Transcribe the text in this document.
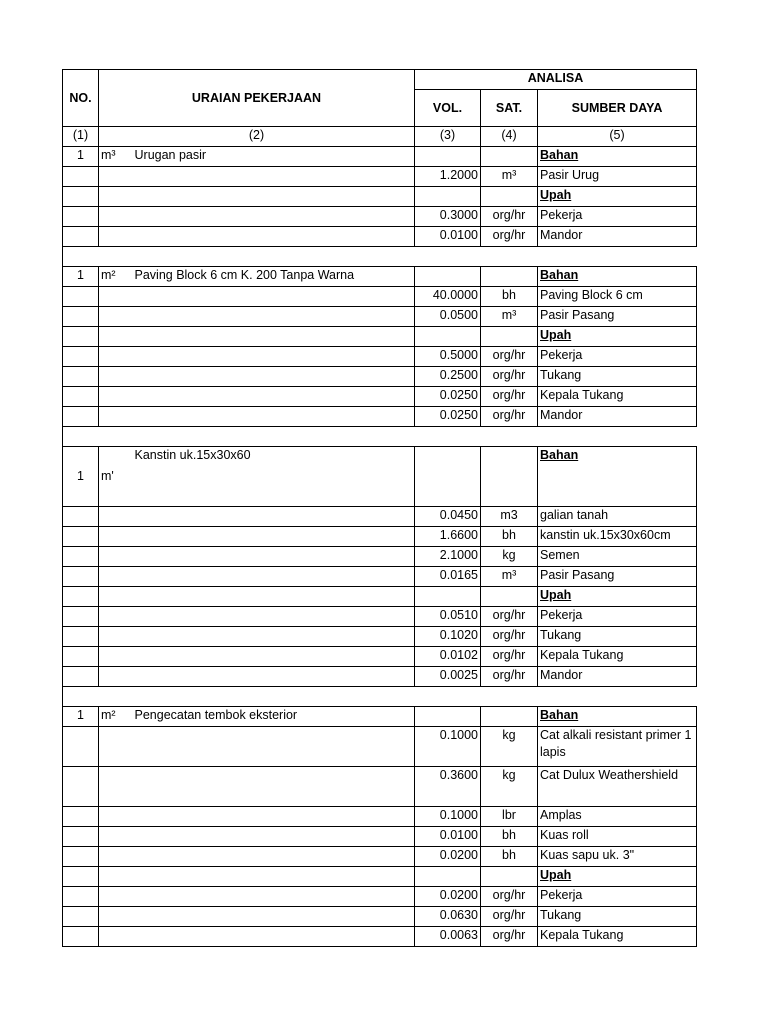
NO.	URAIAN PEKERJAAN		ANALISA		
			VOL.	SAT.	SUMBER DAYA
(1)	(2)		(3)	(4)	(5)
1	m³	Urugan pasir			Bahan
			1.2000	m³	Pasir Urug
					Upah
			0.3000	org/hr	Pekerja
			0.0100	org/hr	Mandor

1	m²	Paving Block 6 cm K. 200 Tanpa Warna			Bahan
			40.0000	bh	Paving Block 6 cm
			0.0500	m³	Pasir Pasang
					Upah
			0.5000	org/hr	Pekerja
			0.2500	org/hr	Tukang
			0.0250	org/hr	Kepala Tukang
			0.0250	org/hr	Mandor

1	m'	Kanstin uk.15x30x60			Bahan
			0.0450	m3	galian tanah
			1.6600	bh	kanstin uk.15x30x60cm
			2.1000	kg	Semen
			0.0165	m³	Pasir Pasang
					Upah
			0.0510	org/hr	Pekerja
			0.1020	org/hr	Tukang
			0.0102	org/hr	Kepala Tukang
			0.0025	org/hr	Mandor

1	m²	Pengecatan tembok eksterior			Bahan
			0.1000	kg	Cat alkali resistant primer 1 lapis
			0.3600	kg	Cat Dulux Weathershield
			0.1000	lbr	Amplas
			0.0100	bh	Kuas roll
			0.0200	bh	Kuas sapu uk. 3"
					Upah
			0.0200	org/hr	Pekerja
			0.0630	org/hr	Tukang
			0.0063	org/hr	Kepala Tukang
